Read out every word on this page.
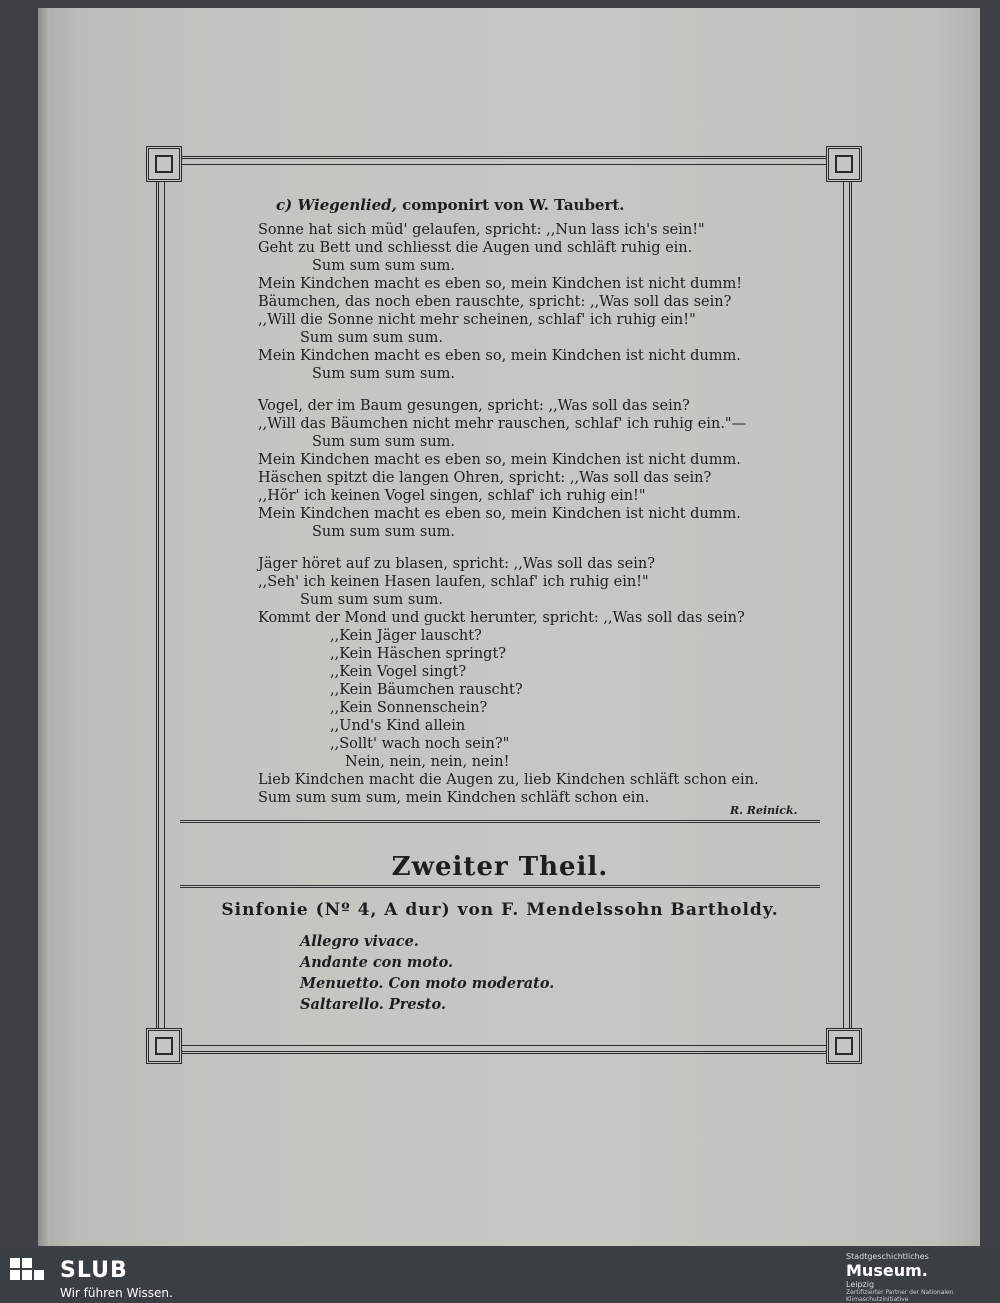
c) Wiegenlied, componirt von W. Taubert.
Sonne hat sich müd' gelaufen, spricht: ,,Nun lass ich's sein!"
Geht zu Bett und schliesst die Augen und schläft ruhig ein.
Sum sum sum sum.
Mein Kindchen macht es eben so, mein Kindchen ist nicht dumm!
Bäumchen, das noch eben rauschte, spricht: ,,Was soll das sein?
,,Will die Sonne nicht mehr scheinen, schlaf' ich ruhig ein!"
Sum sum sum sum.
Mein Kindchen macht es eben so, mein Kindchen ist nicht dumm.
Sum sum sum sum.
Vogel, der im Baum gesungen, spricht: ,,Was soll das sein?
,,Will das Bäumchen nicht mehr rauschen, schlaf' ich ruhig ein."—
Sum sum sum sum.
Mein Kindchen macht es eben so, mein Kindchen ist nicht dumm.
Häschen spitzt die langen Ohren, spricht: ,,Was soll das sein?
,,Hör' ich keinen Vogel singen, schlaf' ich ruhig ein!"
Mein Kindchen macht es eben so, mein Kindchen ist nicht dumm.
Sum sum sum sum.
Jäger höret auf zu blasen, spricht: ,,Was soll das sein?
,,Seh' ich keinen Hasen laufen, schlaf' ich ruhig ein!"
Sum sum sum sum.
Kommt der Mond und guckt herunter, spricht: ,,Was soll das sein?
,,Kein Jäger lauscht?
,,Kein Häschen springt?
,,Kein Vogel singt?
,,Kein Bäumchen rauscht?
,,Kein Sonnenschein?
,,Und's Kind allein
,,Sollt' wach noch sein?"
Nein, nein, nein, nein!
Lieb Kindchen macht die Augen zu, lieb Kindchen schläft schon ein.
Sum sum sum sum, mein Kindchen schläft schon ein.
R. Reinick.
Zweiter Theil.
Sinfonie (Nº 4, A dur) von F. Mendelssohn Bartholdy.
Allegro vivace.
Andante con moto.
Menuetto. Con moto moderato.
Saltarello. Presto.
SLUB
Wir führen Wissen.
Stadtgeschichtliches
Museum.
Leipzig
Zertifizierter Partner der Nationalen Klimaschutzinitiative
